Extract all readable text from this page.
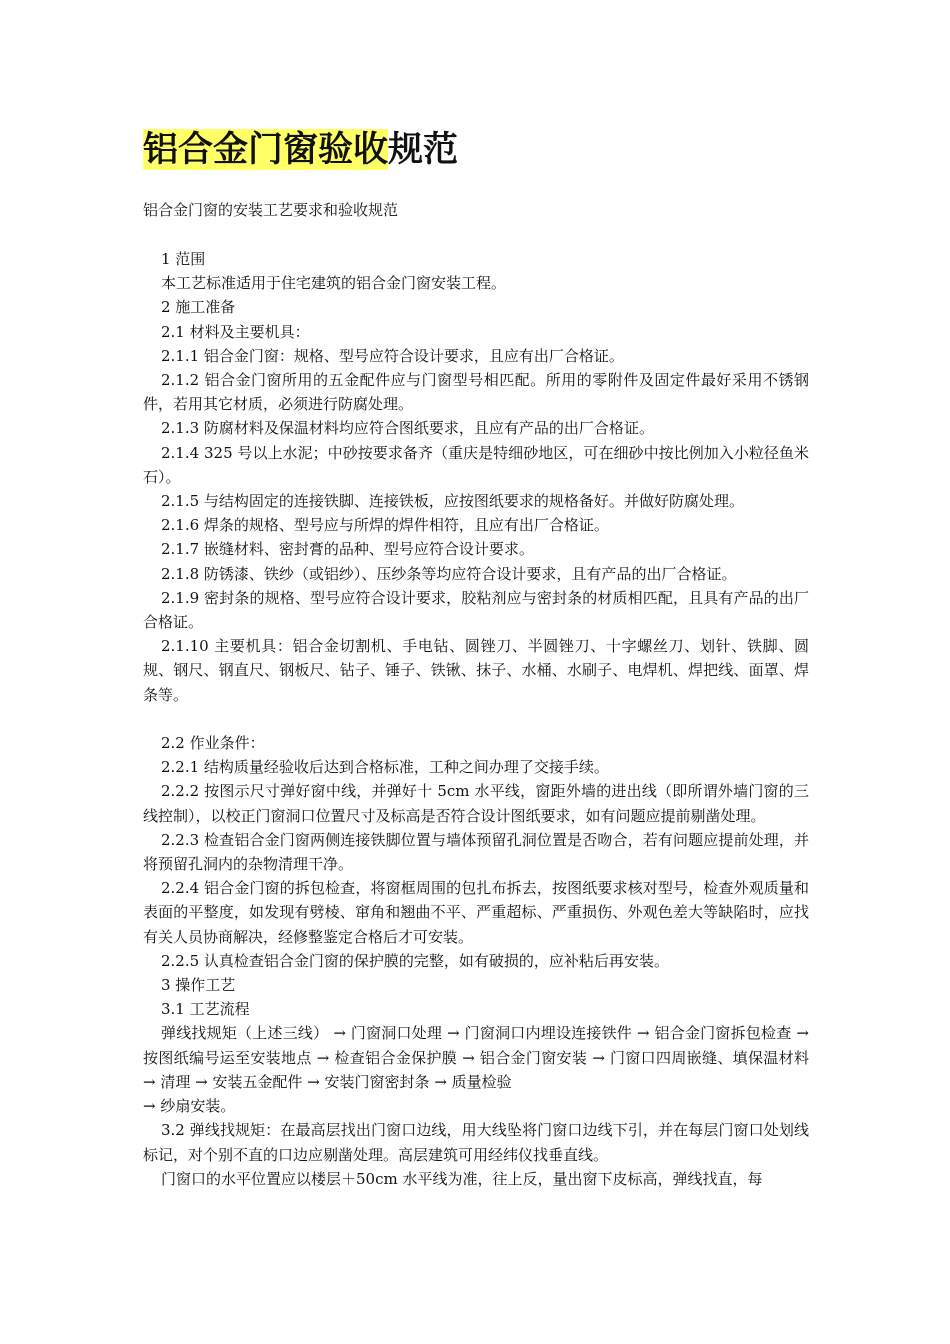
铝合金门窗验收规范
铝合金门窗的安装工艺要求和验收规范

1 范围

本工艺标准适用于住宅建筑的铝合金门窗安装工程。

2 施工准备

2.1 材料及主要机具：

2.1.1 铝合金门窗：规格、型号应符合设计要求，且应有出厂合格证。

2.1.2 铝合金门窗所用的五金配件应与门窗型号相匹配。所用的零附件及固定件最好采用不锈钢件，若用其它材质，必须进行防腐处理。

2.1.3 防腐材料及保温材料均应符合图纸要求，且应有产品的出厂合格证。

2.1.4 325 号以上水泥；中砂按要求备齐（重庆是特细砂地区，可在细砂中按比例加入小粒径鱼米石）。

2.1.5 与结构固定的连接铁脚、连接铁板，应按图纸要求的规格备好。并做好防腐处理。

2.1.6 焊条的规格、型号应与所焊的焊件相符，且应有出厂合格证。

2.1.7 嵌缝材料、密封膏的品种、型号应符合设计要求。

2.1.8 防锈漆、铁纱（或铝纱）、压纱条等均应符合设计要求，且有产品的出厂合格证。

2.1.9 密封条的规格、型号应符合设计要求，胶粘剂应与密封条的材质相匹配，且具有产品的出厂合格证。

2.1.10 主要机具：铝合金切割机、手电钻、圆锉刀、半圆锉刀、十字螺丝刀、划针、铁脚、圆规、钢尺、钢直尺、钢板尺、钻子、锤子、铁锹、抹子、水桶、水刷子、电焊机、焊把线、面罩、焊条等。

2.2 作业条件：

2.2.1 结构质量经验收后达到合格标准，工种之间办理了交接手续。

2.2.2 按图示尺寸弹好窗中线，并弹好十 5cm 水平线，窗距外墙的进出线（即所谓外墙门窗的三线控制），以校正门窗洞口位置尺寸及标高是否符合设计图纸要求，如有问题应提前剔凿处理。

2.2.3 检查铝合金门窗两侧连接铁脚位置与墙体预留孔洞位置是否吻合，若有问题应提前处理，并将预留孔洞内的杂物清理干净。

2.2.4 铝合金门窗的拆包检查，将窗框周围的包扎布拆去，按图纸要求核对型号，检查外观质量和表面的平整度，如发现有劈棱、窜角和翘曲不平、严重超标、严重损伤、外观色差大等缺陷时，应找有关人员协商解决，经修整鉴定合格后才可安装。

2.2.5 认真检查铝合金门窗的保护膜的完整，如有破损的，应补粘后再安装。

3 操作工艺

3.1 工艺流程

弹线找规矩（上述三线） → 门窗洞口处理 → 门窗洞口内埋设连接铁件 → 铝合金门窗拆包检查 → 按图纸编号运至安装地点 → 检查铝合金保护膜 → 铝合金门窗安装 → 门窗口四周嵌缝、填保温材料 → 清理 → 安装五金配件 → 安装门窗密封条 → 质量检验

→ 纱扇安装。

3.2 弹线找规矩：在最高层找出门窗口边线，用大线坠将门窗口边线下引，并在每层门窗口处划线标记，对个别不直的口边应剔凿处理。高层建筑可用经纬仪找垂直线。

门窗口的水平位置应以楼层＋50cm 水平线为准，往上反，量出窗下皮标高，弹线找直，每
